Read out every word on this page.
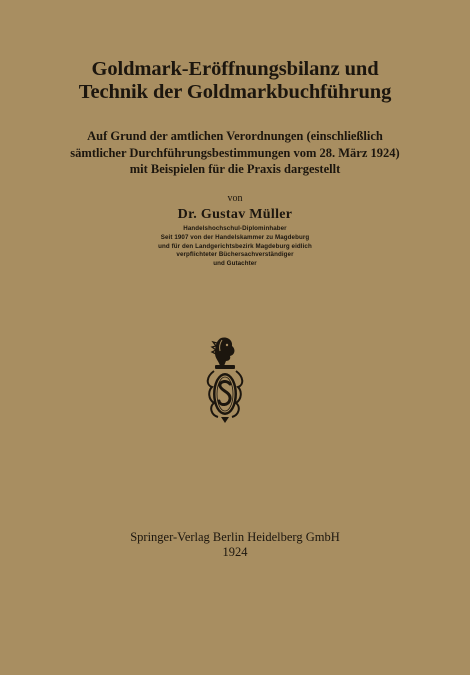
Goldmark-Eröffnungsbilanz und
Technik der Goldmarkbuchführung
Auf Grund der amtlichen Verordnungen (einschließlich
sämtlicher Durchführungsbestimmungen vom 28. März 1924)
mit Beispielen für die Praxis dargestellt
von
Dr. Gustav Müller
Handelshochschul-Diplominhaber
Seit 1907 von der Handelskammer zu Magdeburg
und für den Landgerichtsbezirk Magdeburg eidlich
verpflichteter Büchersachverständiger
und Gutachter
Springer-Verlag Berlin Heidelberg GmbH
1924
